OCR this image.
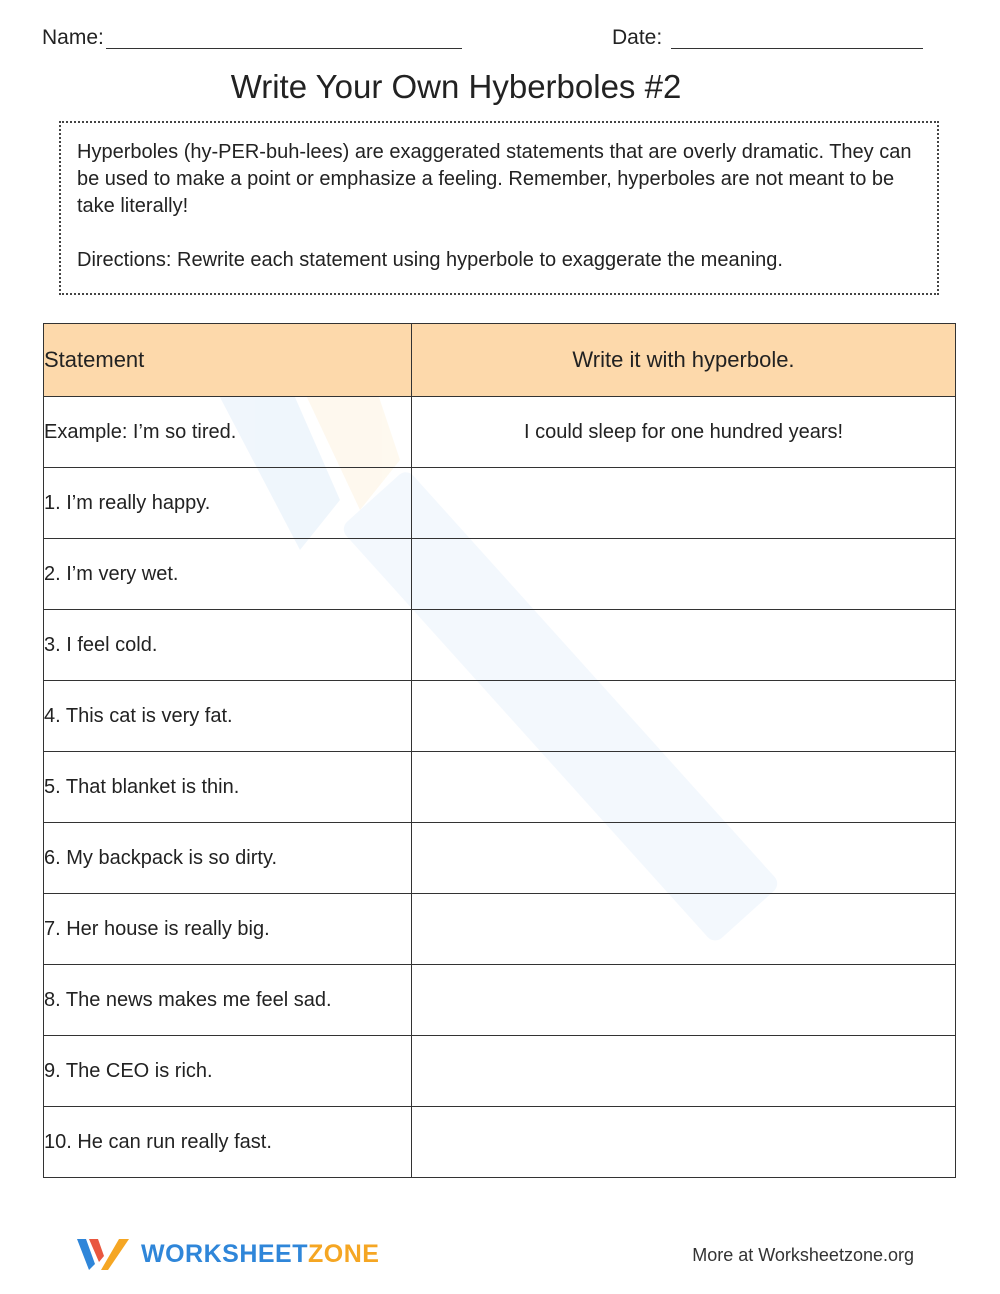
Name:	Date:
Write Your Own Hyberboles #2

Hyperboles (hy-PER-buh-lees) are exaggerated statements that are overly dramatic. They can be used to make a point or emphasize a feeling. Remember, hyperboles are not meant to be take literally!

Directions: Rewrite each statement using hyperbole to exaggerate the meaning.

Statement	Write it with hyperbole.
Example: I’m so tired.	I could sleep for one hundred years!
1. I’m really happy.	
2. I’m very wet.	
3. I feel cold.	
4. This cat is very fat.	
5. That blanket is thin.	
6. My backpack is so dirty.	
7. Her house is really big.	
8. The news makes me feel sad.	
9. The CEO is rich.	
10. He can run really fast.	
WORKSHEETZONE	More at Worksheetzone.org
